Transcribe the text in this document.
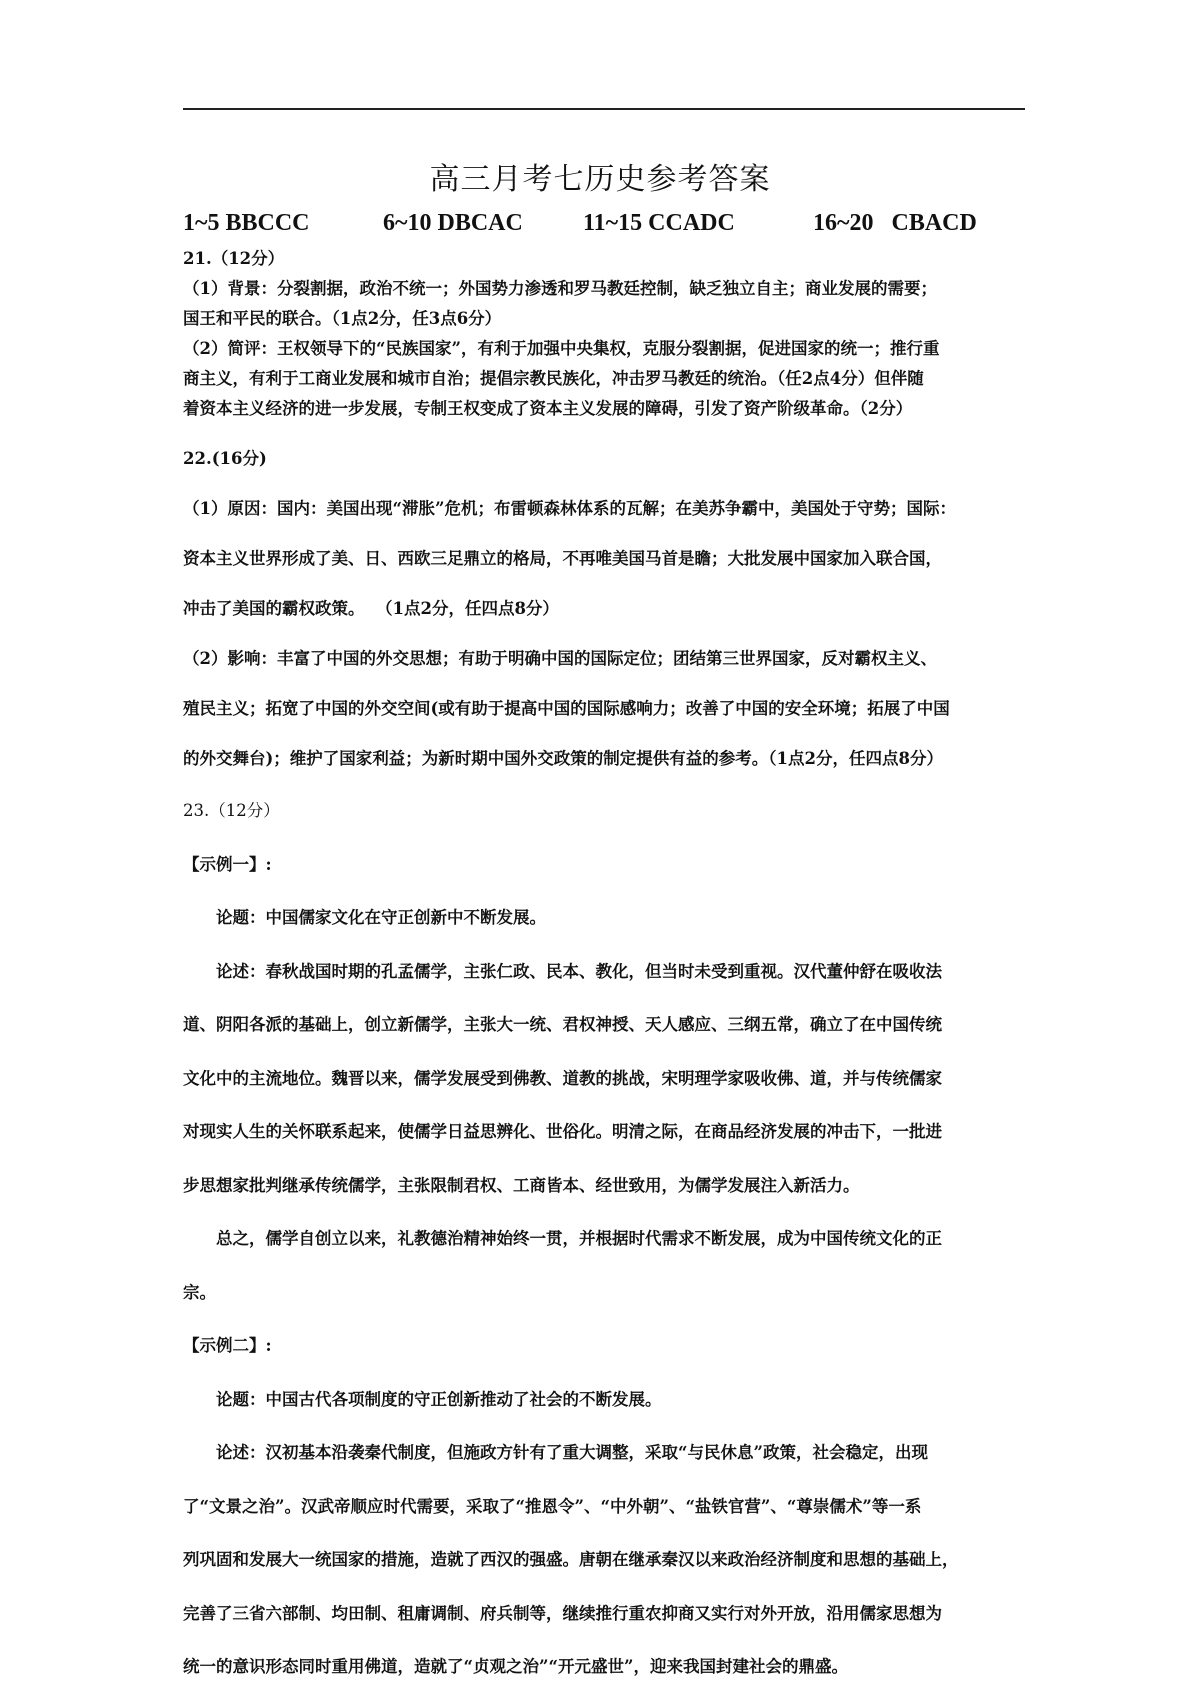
高三月考七历史参考答案
1~5 BBCCC	6~10 DBCAC	11~15 CCADC	16~20   CBACD

21.（12分）

（1）背景：分裂割据，政治不统一；外国势力渗透和罗马教廷控制，缺乏独立自主；商业发展的需要；

国王和平民的联合。（1点2分，任3点6分）

（2）简评：王权领导下的“民族国家”，有利于加强中央集权，克服分裂割据，促进国家的统一；推行重

商主义，有利于工商业发展和城市自治；提倡宗教民族化，冲击罗马教廷的统治。（任2点4分）但伴随

着资本主义经济的进一步发展，专制王权变成了资本主义发展的障碍，引发了资产阶级革命。（2分）

22.(16分)

（1）原因：国内：美国出现“滞胀”危机；布雷顿森林体系的瓦解；在美苏争霸中，美国处于守势；国际：

资本主义世界形成了美、日、西欧三足鼎立的格局，不再唯美国马首是瞻；大批发展中国家加入联合国，

冲击了美国的霸权政策。  （1点2分，任四点8分）

（2）影响：丰富了中国的外交思想；有助于明确中国的国际定位；团结第三世界国家，反对霸权主义、

殖民主义；拓宽了中国的外交空间(或有助于提高中国的国际感响力；改善了中国的安全环境；拓展了中国

的外交舞台)；维护了国家利益；为新时期中国外交政策的制定提供有益的参考。（1点2分，任四点8分）

23.（12分）

【示例一】:

论题：中国儒家文化在守正创新中不断发展。

论述：春秋战国时期的孔孟儒学，主张仁政、民本、教化，但当时未受到重视。汉代董仲舒在吸收法

道、阴阳各派的基础上，创立新儒学，主张大一统、君权神授、天人感应、三纲五常，确立了在中国传统

文化中的主流地位。魏晋以来，儒学发展受到佛教、道教的挑战，宋明理学家吸收佛、道，并与传统儒家

对现实人生的关怀联系起来，使儒学日益思辨化、世俗化。明清之际，在商品经济发展的冲击下，一批进

步思想家批判继承传统儒学，主张限制君权、工商皆本、经世致用，为儒学发展注入新活力。

总之，儒学自创立以来，礼教德治精神始终一贯，并根据时代需求不断发展，成为中国传统文化的正

宗。

【示例二】:

论题：中国古代各项制度的守正创新推动了社会的不断发展。

论述：汉初基本沿袭秦代制度，但施政方针有了重大调整，采取“与民休息”政策，社会稳定，出现

了“文景之治”。汉武帝顺应时代需要，采取了“推恩令”、“中外朝”、“盐铁官营”、“尊崇儒术”等一系

列巩固和发展大一统国家的措施，造就了西汉的强盛。唐朝在继承秦汉以来政治经济制度和思想的基础上，

完善了三省六部制、均田制、租庸调制、府兵制等，继续推行重农抑商又实行对外开放，沿用儒家思想为

统一的意识形态同时重用佛道，造就了“贞观之治”“开元盛世”，迎来我国封建社会的鼎盛。
